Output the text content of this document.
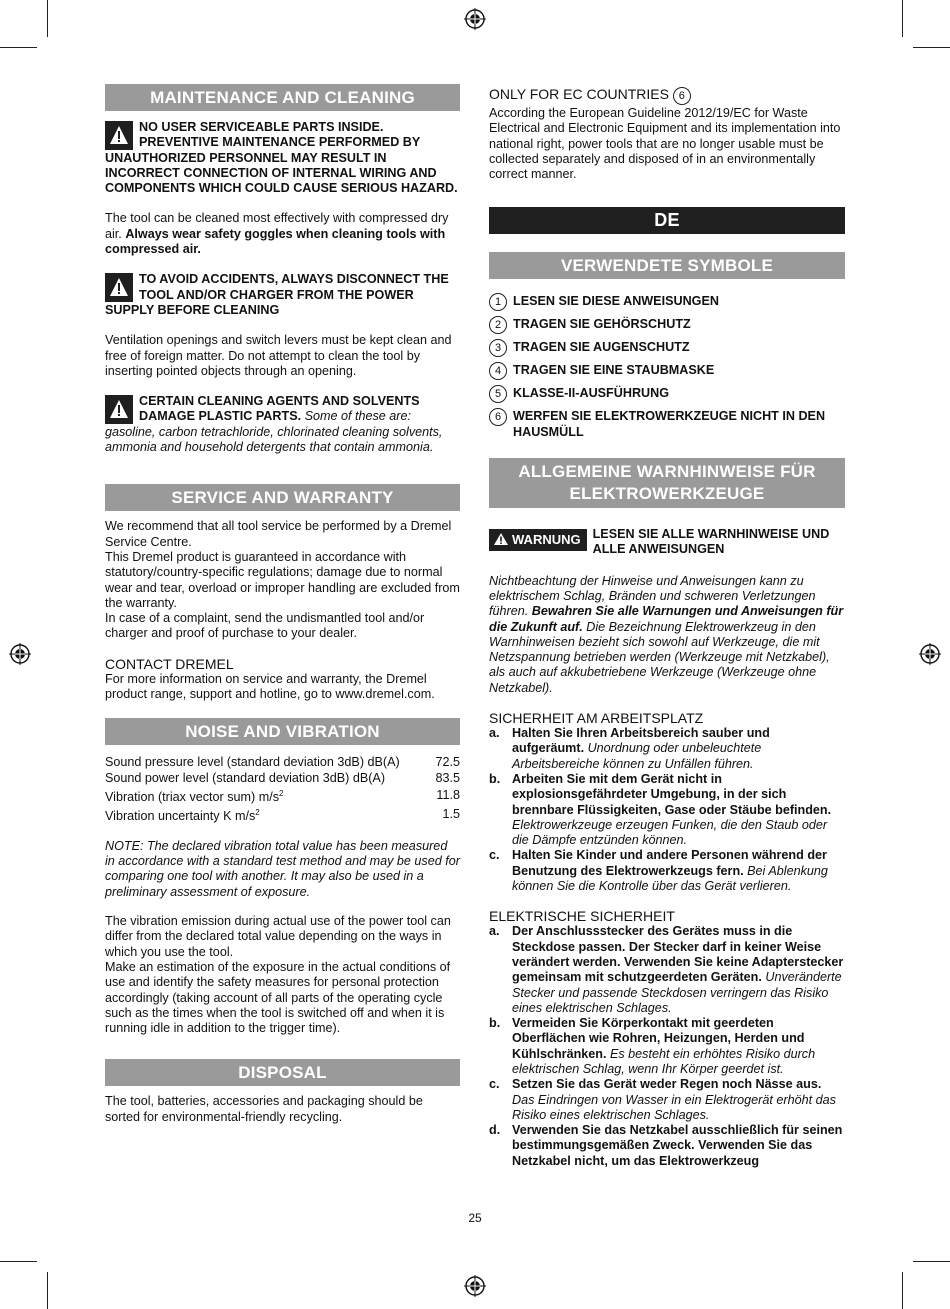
MAINTENANCE AND CLEANING

NO USER SERVICEABLE PARTS INSIDE. PREVENTIVE MAINTENANCE PERFORMED BY UNAUTHORIZED PERSONNEL MAY RESULT IN INCORRECT CONNECTION OF INTERNAL WIRING AND COMPONENTS WHICH COULD CAUSE SERIOUS HAZARD.

The tool can be cleaned most effectively with compressed dry air. Always wear safety goggles when cleaning tools with compressed air.

TO AVOID ACCIDENTS, ALWAYS DISCONNECT THE TOOL AND/OR CHARGER FROM THE POWER SUPPLY BEFORE CLEANING

Ventilation openings and switch levers must be kept clean and free of foreign matter. Do not attempt to clean the tool by inserting pointed objects through an opening.

CERTAIN CLEANING AGENTS AND SOLVENTS DAMAGE PLASTIC PARTS. Some of these are: gasoline, carbon tetrachloride, chlorinated cleaning solvents, ammonia and household detergents that contain ammonia.

SERVICE AND WARRANTY

We recommend that all tool service be performed by a Dremel Service Centre.

This Dremel product is guaranteed in accordance with statutory/country-specific regulations; damage due to normal wear and tear, overload or improper handling are excluded from the warranty.

In case of a complaint, send the undismantled tool and/or charger and proof of purchase to your dealer.

CONTACT DREMEL

For more information on service and warranty, the Dremel product range, support and hotline, go to www.dremel.com.

NOISE AND VIBRATION
Sound pressure level (standard deviation 3dB) dB(A)	72.5
Sound power level (standard deviation 3dB) dB(A)	83.5
Vibration (triax vector sum) $m/s^2$	11.8
Vibration uncertainty K $m/s^2$	1.5

NOTE: The declared vibration total value has been measured in accordance with a standard test method and may be used for comparing one tool with another. It may also be used in a preliminary assessment of exposure.

The vibration emission during actual use of the power tool can differ from the declared total value depending on the ways in which you use the tool.

Make an estimation of the exposure in the actual conditions of use and identify the safety measures for personal protection accordingly (taking account of all parts of the operating cycle such as the times when the tool is switched off and when it is running idle in addition to the trigger time).

DISPOSAL

The tool, batteries, accessories and packaging should be sorted for environmental-friendly recycling.

ONLY FOR EC COUNTRIES 6

According the European Guideline 2012/19/EC for Waste Electrical and Electronic Equipment and its implementation into national right, power tools that are no longer usable must be collected separately and disposed of in an environmentally correct manner.

DE
VERWENDETE SYMBOLE
1 LESEN SIE DIESE ANWEISUNGEN
2 TRAGEN SIE GEHÖRSCHUTZ
3 TRAGEN SIE AUGENSCHUTZ
4 TRAGEN SIE EINE STAUBMASKE
5 KLASSE-II-AUSFÜHRUNG
6 WERFEN SIE ELEKTROWERKZEUGE NICHT IN DEN HAUSMÜLL
ALLGEMEINE WARNHINWEISE FÜR ELEKTROWERKZEUGE
WARNUNG LESEN SIE ALLE WARNHINWEISE UND ALLE ANWEISUNGEN

Nichtbeachtung der Hinweise und Anweisungen kann zu elektrischem Schlag, Bränden und schweren Verletzungen führen. Bewahren Sie alle Warnungen und Anweisungen für die Zukunft auf. Die Bezeichnung Elektrowerkzeug in den Warnhinweisen bezieht sich sowohl auf Werkzeuge, die mit Netzspannung betrieben werden (Werkzeuge mit Netzkabel), als auch auf akkubetriebene Werkzeuge (Werkzeuge ohne Netzkabel).

SICHERHEIT AM ARBEITSPLATZ

a. Halten Sie Ihren Arbeitsbereich sauber und aufgeräumt. Unordnung oder unbeleuchtete Arbeitsbereiche können zu Unfällen führen.
b. Arbeiten Sie mit dem Gerät nicht in explosionsgefährdeter Umgebung, in der sich brennbare Flüssigkeiten, Gase oder Stäube befinden. Elektrowerkzeuge erzeugen Funken, die den Staub oder die Dämpfe entzünden können.
c. Halten Sie Kinder und andere Personen während der Benutzung des Elektrowerkzeugs fern. Bei Ablenkung können Sie die Kontrolle über das Gerät verlieren.

ELEKTRISCHE SICHERHEIT

a. Der Anschlussstecker des Gerätes muss in die Steckdose passen. Der Stecker darf in keiner Weise verändert werden. Verwenden Sie keine Adapterstecker gemeinsam mit schutzgeerdeten Geräten. Unveränderte Stecker und passende Steckdosen verringern das Risiko eines elektrischen Schlages.
b. Vermeiden Sie Körperkontakt mit geerdeten Oberflächen wie Rohren, Heizungen, Herden und Kühlschränken. Es besteht ein erhöhtes Risiko durch elektrischen Schlag, wenn Ihr Körper geerdet ist.
c. Setzen Sie das Gerät weder Regen noch Nässe aus. Das Eindringen von Wasser in ein Elektrogerät erhöht das Risiko eines elektrischen Schlages.
d. Verwenden Sie das Netzkabel ausschließlich für seinen bestimmungsgemäßen Zweck. Verwenden Sie das Netzkabel nicht, um das Elektrowerkzeug
25
